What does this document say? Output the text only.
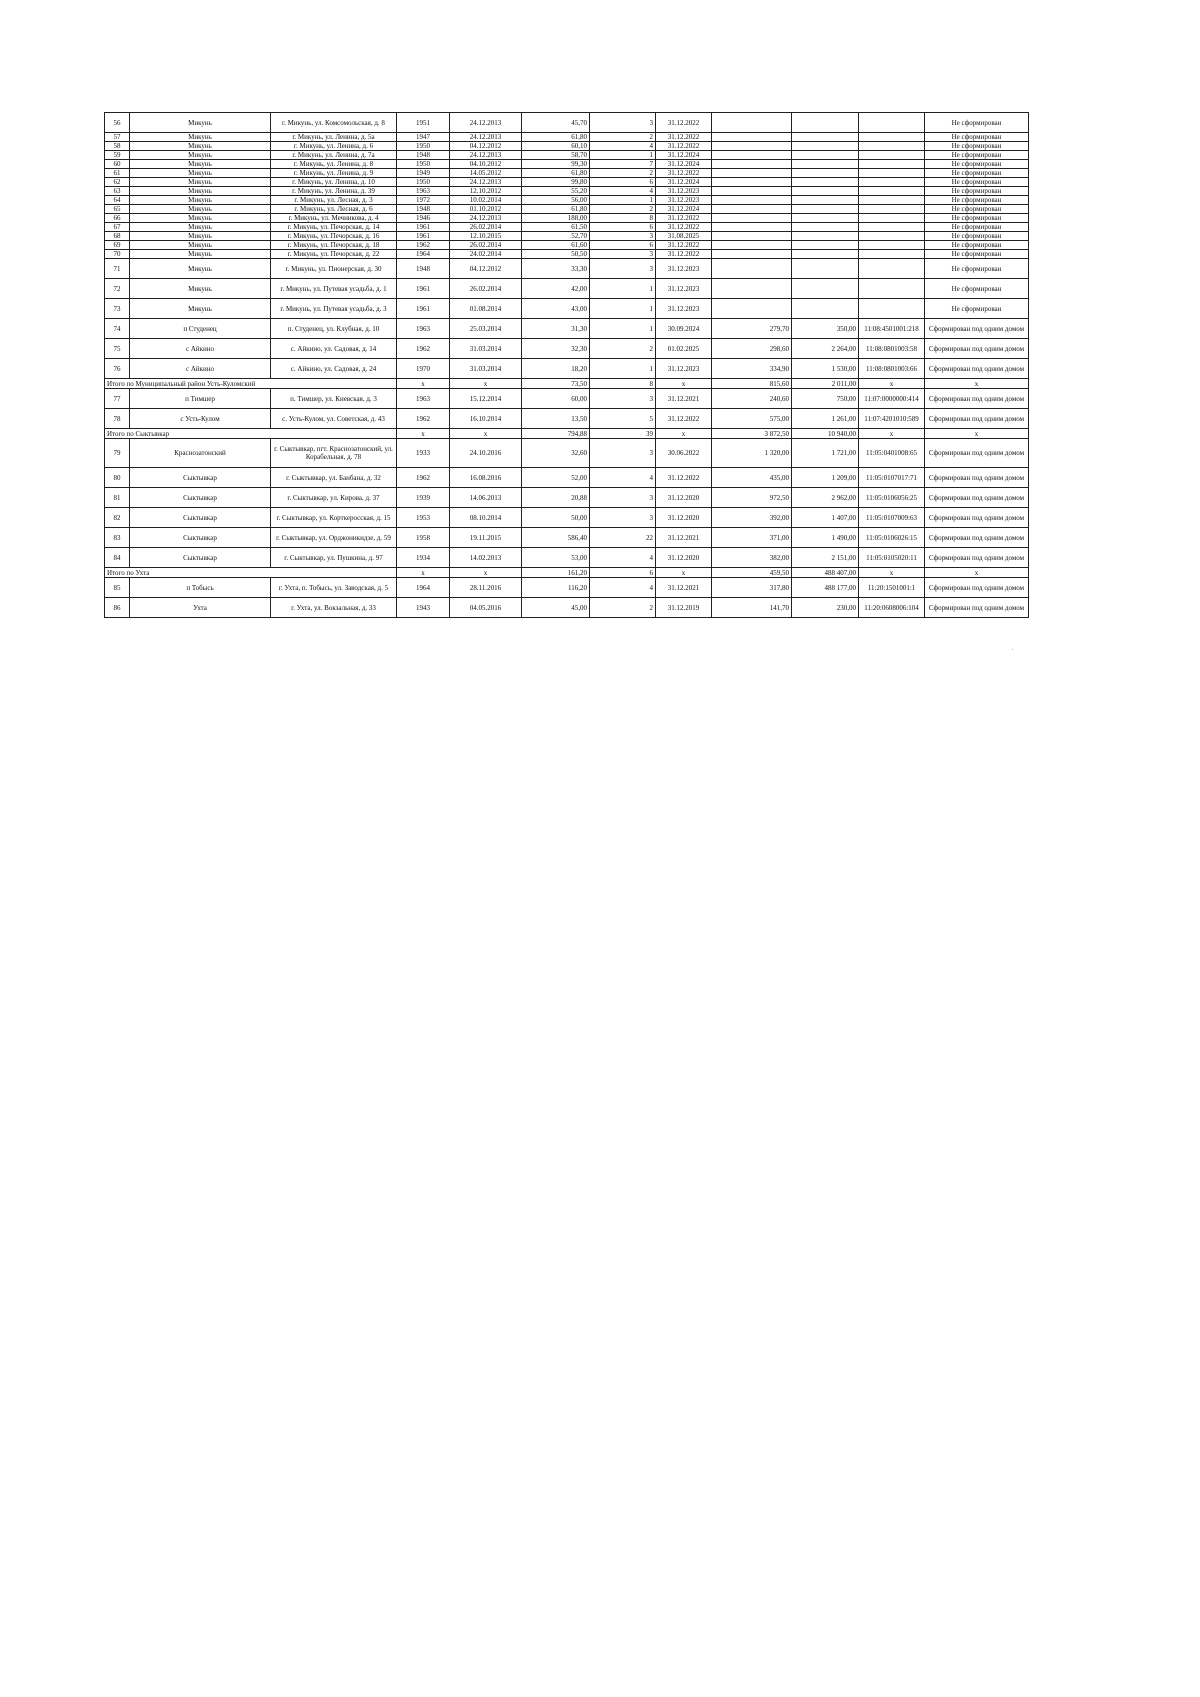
56	Микунь	г. Микунь, ул. Комсомольская, д. 8	1951	24.12.2013	45,70	3	31.12.2022				Не сформирован
57	Микунь	г. Микунь, ул. Ленина, д. 5а	1947	24.12.2013	61,80	2	31.12.2022				Не сформирован
58	Микунь	г. Микунь, ул. Ленина, д. 6	1950	04.12.2012	60,10	4	31.12.2022				Не сформирован
59	Микунь	г. Микунь, ул. Ленина, д. 7а	1948	24.12.2013	58,70	1	31.12.2024				Не сформирован
60	Микунь	г. Микунь, ул. Ленина, д. 8	1950	04.10.2012	99,30	7	31.12.2024				Не сформирован
61	Микунь	г. Микунь, ул. Ленина, д. 9	1949	14.05.2012	61,80	2	31.12.2022				Не сформирован
62	Микунь	г. Микунь, ул. Ленина, д. 10	1950	24.12.2013	99,80	6	31.12.2024				Не сформирован
63	Микунь	г. Микунь, ул. Ленина, д. 39	1963	12.10.2012	55,20	4	31.12.2023				Не сформирован
64	Микунь	г. Микунь, ул. Лесная, д. 3	1972	10.02.2014	56,00	1	31.12.2023				Не сформирован
65	Микунь	г. Микунь, ул. Лесная, д. 6	1948	01.10.2012	61,80	2	31.12.2024				Не сформирован
66	Микунь	г. Микунь, ул. Мечникова, д. 4	1946	24.12.2013	188,00	8	31.12.2022				Не сформирован
67	Микунь	г. Микунь, ул. Печорская, д. 14	1961	26.02.2014	61,50	6	31.12.2022				Не сформирован
68	Микунь	г. Микунь, ул. Печорская, д. 16	1961	12.10.2015	52,70	3	31.08.2025				Не сформирован
69	Микунь	г. Микунь, ул. Печорская, д. 18	1962	26.02.2014	61,60	6	31.12.2022				Не сформирован
70	Микунь	г. Микунь, ул. Печорская, д. 22	1964	24.02.2014	50,50	3	31.12.2022				Не сформирован
71	Микунь	г. Микунь, ул. Пионерская, д. 30	1948	04.12.2012	33,30	3	31.12.2023				Не сформирован
72	Микунь	г. Микунь, ул. Путевая усадьба, д. 1	1961	26.02.2014	42,00	1	31.12.2023				Не сформирован
73	Микунь	г. Микунь, ул. Путевая усадьба, д. 3	1961	01.08.2014	43,00	1	31.12.2023				Не сформирован
74	п Студенец	п. Студенец, ул. Клубная, д. 10	1963	25.03.2014	31,30	1	30.09.2024	279,70	350,00	11:08:4501001:218	Сформирован под одним домом
75	с Айкино	с. Айкино, ул. Садовая, д. 14	1962	31.03.2014	32,30	2	01.02.2025	298,60	2 264,00	11:08:0801003:58	Сформирован под одним домом
76	с Айкино	с. Айкино, ул. Садовая, д. 24	1970	31.03.2014	18,20	1	31.12.2023	334,90	1 530,00	11:08:0801003:66	Сформирован под одним домом
Итого по Муниципальный район Усть-Куломский			x	x	73,50	8	x	815,60	2 011,00	x	x
77	п Тимшер	п. Тимшер, ул. Киевская, д. 3	1963	15.12.2014	60,00	3	31.12.2021	240,60	750,00	11:07:0000000:414	Сформирован под одним домом
78	с Усть-Кулом	с. Усть-Кулом, ул. Советская, д. 43	1962	16.10.2014	13,50	5	31.12.2022	575,00	1 261,00	11:07:4201010:589	Сформирован под одним домом
Итого по Сыктывкар			x	x	794,88	39	x	3 872,50	10 940,00	x	x
79	Краснозатонский	г. Сыктывкар, пгт. Краснозатонский, ул. Корабельная, д. 78	1933	24.10.2016	32,60	3	30.06.2022	1 320,00	1 721,00	11:05:0401008:65	Сформирован под одним домом
80	Сыктывкар	г. Сыктывкар, ул. Банбана, д. 32	1962	16.08.2016	52,00	4	31.12.2022	435,00	1 209,00	11:05:0107017:71	Сформирован под одним домом
81	Сыктывкар	г. Сыктывкар, ул. Кирова, д. 37	1939	14.06.2013	20,88	3	31.12.2020	972,50	2 962,00	11:05:0106056:25	Сформирован под одним домом
82	Сыктывкар	г. Сыктывкар, ул. Корткеросская, д. 15	1953	08.10.2014	50,00	3	31.12.2020	392,00	1 407,00	11:05:0107009:63	Сформирован под одним домом
83	Сыктывкар	г. Сыктывкар, ул. Орджоникидзе, д. 59	1958	19.11.2015	586,40	22	31.12.2021	371,00	1 490,00	11:05:0106026:15	Сформирован под одним домом
84	Сыктывкар	г. Сыктывкар, ул. Пушкина, д. 97	1934	14.02.2013	53,00	4	31.12.2020	382,00	2 151,00	11:05:0105020:11	Сформирован под одним домом
Итого по Ухта			x	x	161,20	6	x	459,50	488 407,00	x	x
85	п Тобысь	г. Ухта, п. Тобысь, ул. Заводская, д. 5	1964	28.11.2016	116,20	4	31.12.2021	317,80	488 177,00	11:20:1501001:1	Сформирован под одним домом
86	Ухта	г. Ухта, ул. Вокзальная, д. 33	1943	04.05.2016	45,00	2	31.12.2019	141,70	230,00	11:20:0608006:104	Сформирован под одним домом
.
